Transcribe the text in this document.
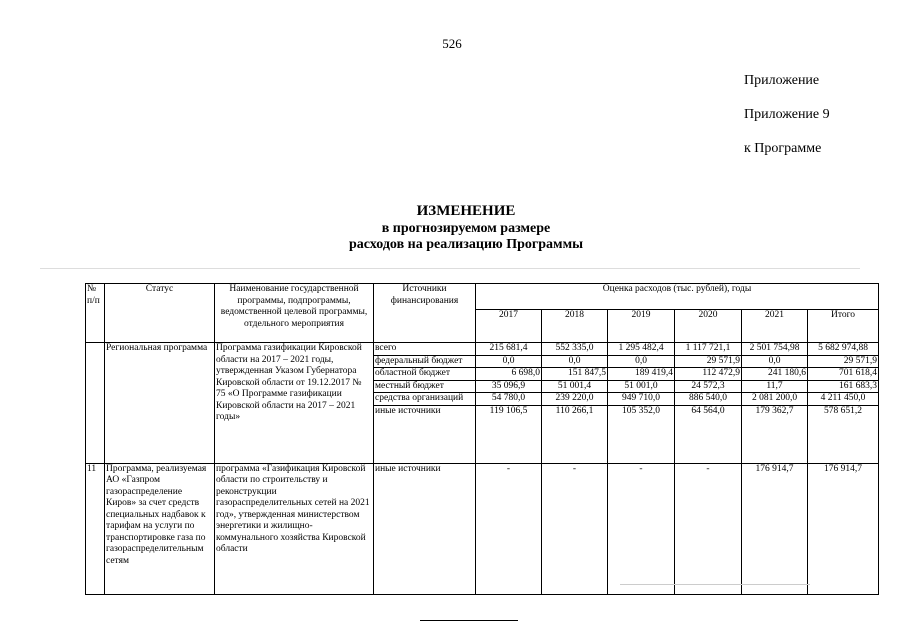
526
Приложение
Приложение 9
к Программе
ИЗМЕНЕНИЕ
в прогнозируемом размере
расходов на реализацию Программы
№ п/п	Статус	Наименование государственной программы, подпрограммы, ведомственной целевой программы, отдельного мероприятия	Источники финансирования	Оценка расходов (тыс. рублей), годы					
				2017	2018	2019	2020	2021	Итого
	Региональная программа	Программа газификации Кировской области на 2017 – 2021 годы, утвержденная Указом Губернатора Кировской области от 19.12.2017 № 75 «О Программе газификации Кировской области на 2017 – 2021 годы»	всего	215 681,4	552 335,0	1 295 482,4	1 117 721,1	2 501 754,98	5 682 974,88
			федеральный бюджет	0,0	0,0	0,0	29 571,9	0,0	29 571,9
			областной бюджет	6 698,0	151 847,5	189 419,4	112 472,9	241 180,6	701 618,4
			местный бюджет	35 096,9	51 001,4	51 001,0	24 572,3	11,7	161 683,3
			средства организаций	54 780,0	239 220,0	949 710,0	886 540,0	2 081 200,0	4 211 450,0
			иные источники	119 106,5	110 266,1	105 352,0	64 564,0	179 362,7	578 651,2
11	Программа, реализуемая АО «Газпром газораспределение Киров» за счет средств специальных надбавок к тарифам на услуги по транспортировке газа по газораспределительным сетям	программа «Газификация Кировской области по строительству и реконструкции газораспределительных сетей на 2021 год», утвержденная министерством энергетики и жилищно-коммунального хозяйства Кировской области	иные источники	-	-	-	-	176 914,7	176 914,7
